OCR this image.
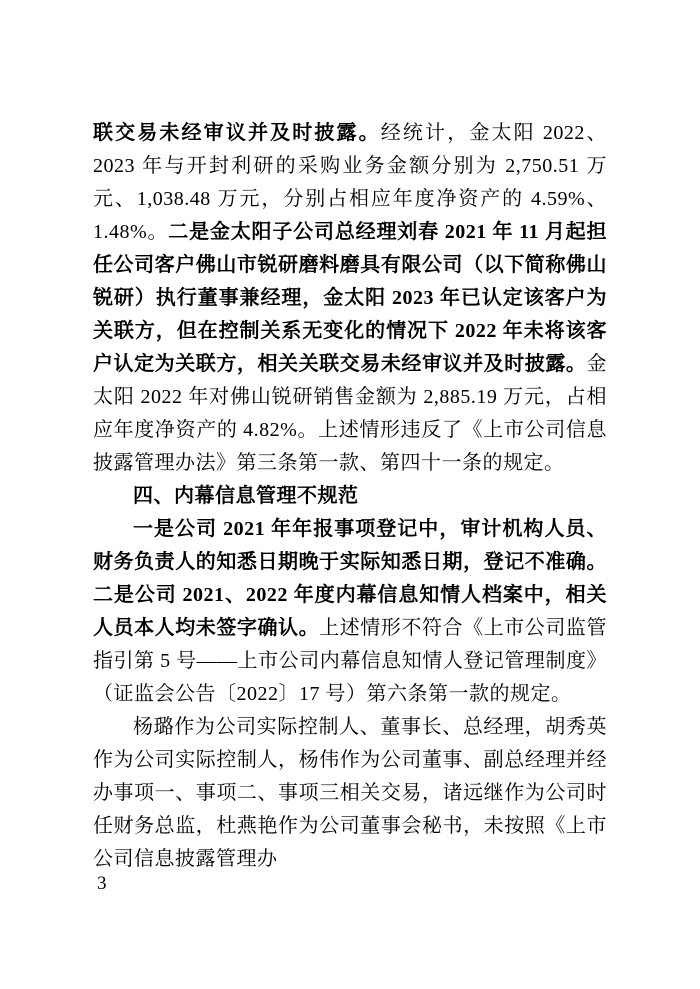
联交易未经审议并及时披露。经统计，金太阳 2022、2023 年与开封利研的采购业务金额分别为 2,750.51 万元、1,038.48 万元，分别占相应年度净资产的 4.59%、1.48%。二是金太阳子公司总经理刘春 2021 年 11 月起担任公司客户佛山市锐研磨料磨具有限公司（以下简称佛山锐研）执行董事兼经理，金太阳 2023 年已认定该客户为关联方，但在控制关系无变化的情况下 2022 年未将该客户认定为关联方，相关关联交易未经审议并及时披露。金太阳 2022 年对佛山锐研销售金额为 2,885.19 万元，占相应年度净资产的 4.82%。上述情形违反了《上市公司信息披露管理办法》第三条第一款、第四十一条的规定。

四、内幕信息管理不规范

一是公司 2021 年年报事项登记中，审计机构人员、财务负责人的知悉日期晚于实际知悉日期，登记不准确。二是公司 2021、2022 年度内幕信息知情人档案中，相关人员本人均未签字确认。上述情形不符合《上市公司监管指引第 5 号——上市公司内幕信息知情人登记管理制度》（证监会公告〔2022〕17 号）第六条第一款的规定。

杨璐作为公司实际控制人、董事长、总经理，胡秀英作为公司实际控制人，杨伟作为公司董事、副总经理并经办事项一、事项二、事项三相关交易，诸远继作为公司时任财务总监，杜燕艳作为公司董事会秘书，未按照《上市公司信息披露管理办

3
